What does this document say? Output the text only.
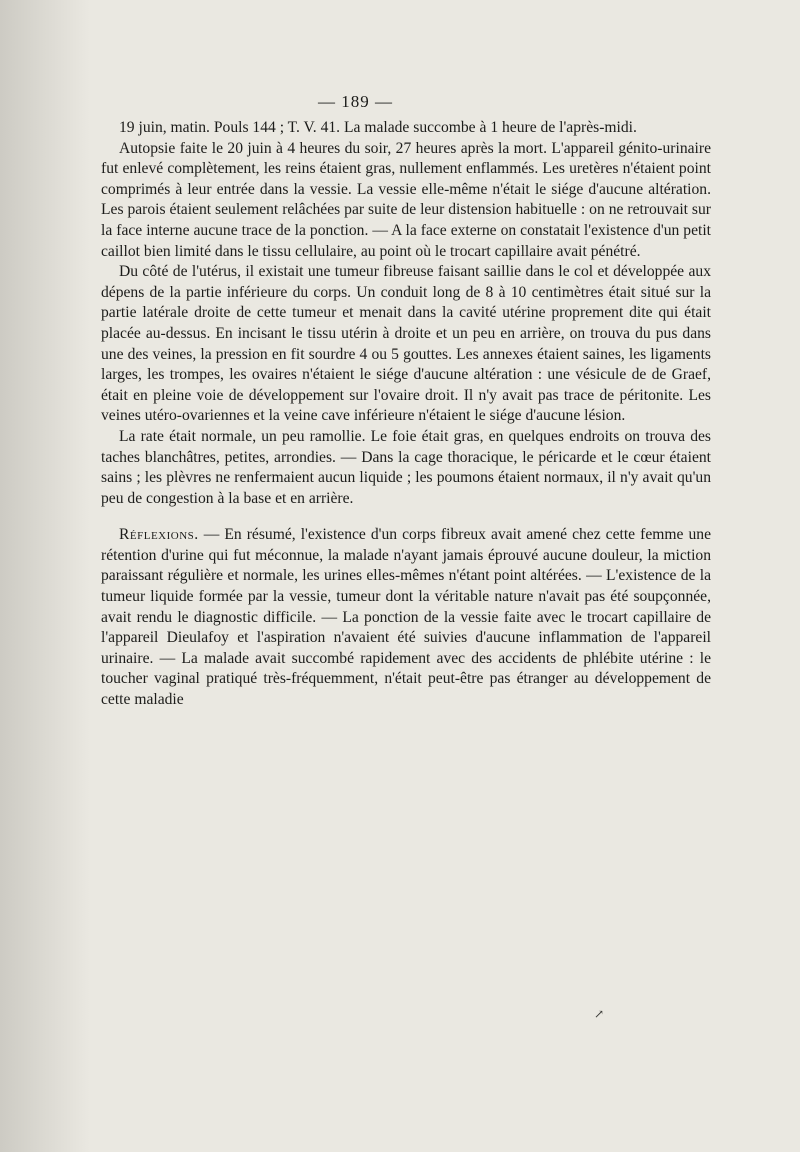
— 189 —

19 juin, matin. Pouls 144 ; T. V. 41. La malade succombe à 1 heure de l'après-midi.

Autopsie faite le 20 juin à 4 heures du soir, 27 heures après la mort. L'appareil génito-urinaire fut enlevé complètement, les reins étaient gras, nullement enflammés. Les uretères n'étaient point comprimés à leur entrée dans la vessie. La vessie elle-même n'était le siége d'aucune altération. Les parois étaient seulement relâchées par suite de leur distension habituelle : on ne retrouvait sur la face interne aucune trace de la ponction. — A la face externe on constatait l'existence d'un petit caillot bien limité dans le tissu cellulaire, au point où le trocart capillaire avait pénétré.

Du côté de l'utérus, il existait une tumeur fibreuse faisant saillie dans le col et développée aux dépens de la partie inférieure du corps. Un conduit long de 8 à 10 centimètres était situé sur la partie latérale droite de cette tumeur et menait dans la cavité utérine proprement dite qui était placée au-dessus. En incisant le tissu utérin à droite et un peu en arrière, on trouva du pus dans une des veines, la pression en fit sourdre 4 ou 5 gouttes. Les annexes étaient saines, les ligaments larges, les trompes, les ovaires n'étaient le siége d'aucune altération : une vésicule de de Graef, était en pleine voie de développement sur l'ovaire droit. Il n'y avait pas trace de péritonite. Les veines utéro-ovariennes et la veine cave inférieure n'étaient le siége d'aucune lésion.

La rate était normale, un peu ramollie. Le foie était gras, en quelques endroits on trouva des taches blanchâtres, petites, arrondies. — Dans la cage thoracique, le péricarde et le cœur étaient sains ; les plèvres ne renfermaient aucun liquide ; les poumons étaient normaux, il n'y avait qu'un peu de congestion à la base et en arrière.

Réflexions. — En résumé, l'existence d'un corps fibreux avait amené chez cette femme une rétention d'urine qui fut méconnue, la malade n'ayant jamais éprouvé aucune douleur, la miction paraissant régulière et normale, les urines elles-mêmes n'étant point altérées. — L'existence de la tumeur liquide formée par la vessie, tumeur dont la véritable nature n'avait pas été soupçonnée, avait rendu le diagnostic difficile. — La ponction de la vessie faite avec le trocart capillaire de l'appareil Dieulafoy et l'aspiration n'avaient été suivies d'aucune inflammation de l'appareil urinaire. — La malade avait succombé rapidement avec des accidents de phlébite utérine : le toucher vaginal pratiqué très-fréquemment, n'était peut-être pas étranger au développement de cette maladie

↗
